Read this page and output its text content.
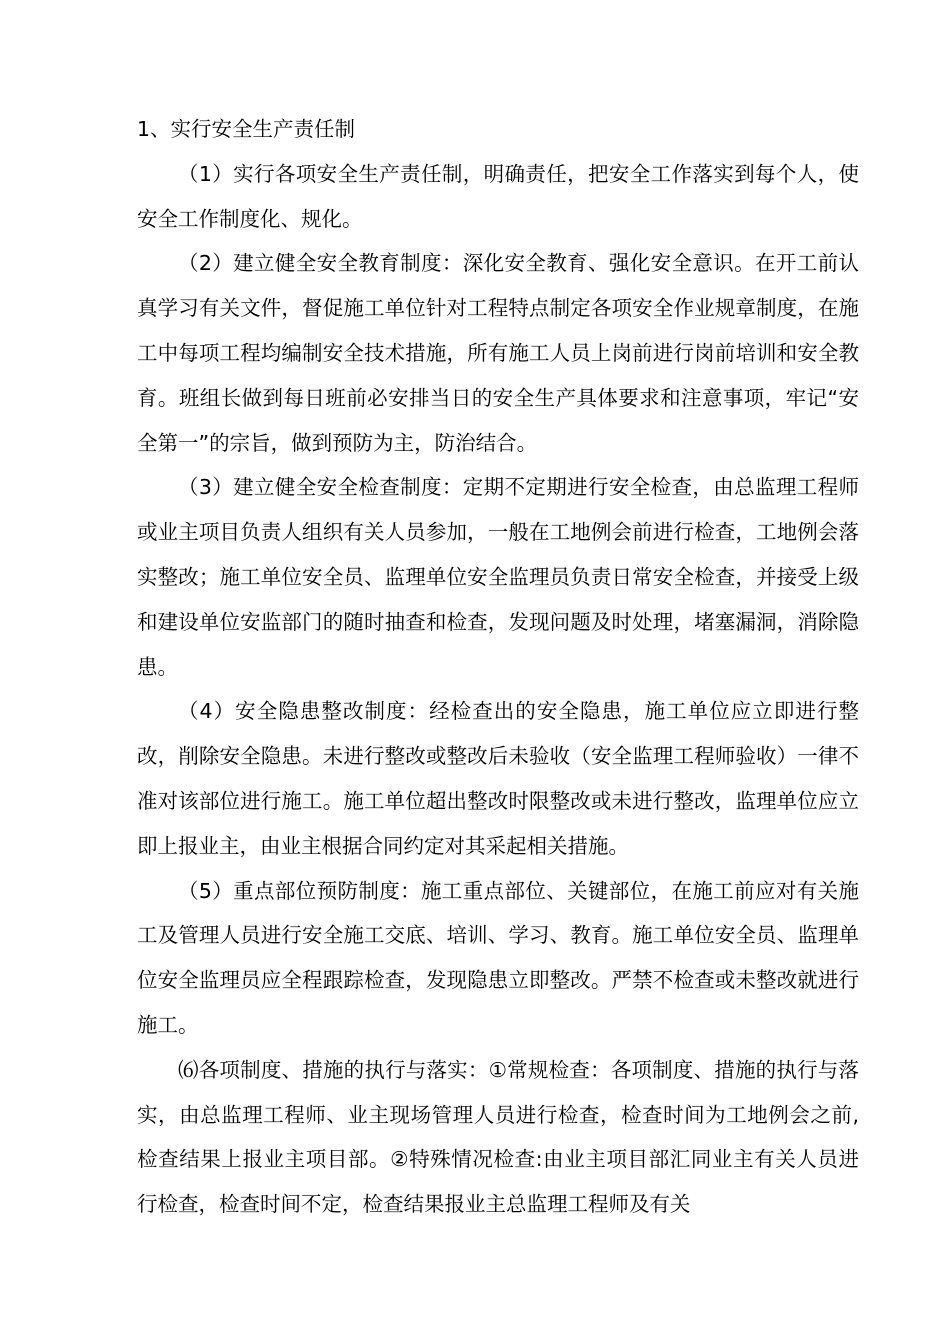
1、实行安全生产责任制

（1）实行各项安全生产责任制，明确责任，把安全工作落实到每个人，使安全工作制度化、规化。

（2）建立健全安全教育制度：深化安全教育、强化安全意识。在开工前认真学习有关文件，督促施工单位针对工程特点制定各项安全作业规章制度，在施工中每项工程均编制安全技术措施，所有施工人员上岗前进行岗前培训和安全教育。班组长做到每日班前必安排当日的安全生产具体要求和注意事项，牢记“安全第一”的宗旨，做到预防为主，防治结合。

（3）建立健全安全检查制度：定期不定期进行安全检查，由总监理工程师或业主项目负责人组织有关人员参加，一般在工地例会前进行检查，工地例会落实整改；施工单位安全员、监理单位安全监理员负责日常安全检查，并接受上级和建设单位安监部门的随时抽查和检查，发现问题及时处理，堵塞漏洞，消除隐患。

（4）安全隐患整改制度：经检查出的安全隐患，施工单位应立即进行整改，削除安全隐患。未进行整改或整改后未验收（安全监理工程师验收）一律不准对该部位进行施工。施工单位超出整改时限整改或未进行整改，监理单位应立即上报业主，由业主根据合同约定对其采起相关措施。

（5）重点部位预防制度：施工重点部位、关键部位，在施工前应对有关施工及管理人员进行安全施工交底、培训、学习、教育。施工单位安全员、监理单位安全监理员应全程跟踪检查，发现隐患立即整改。严禁不检查或未整改就进行施工。

⑹各项制度、措施的执行与落实：①常规检查：各项制度、措施的执行与落实，由总监理工程师、业主现场管理人员进行检查，检查时间为工地例会之前,检查结果上报业主项目部。②特殊情况检查:由业主项目部汇同业主有关人员进行检查，检查时间不定，检查结果报业主总监理工程师及有关
